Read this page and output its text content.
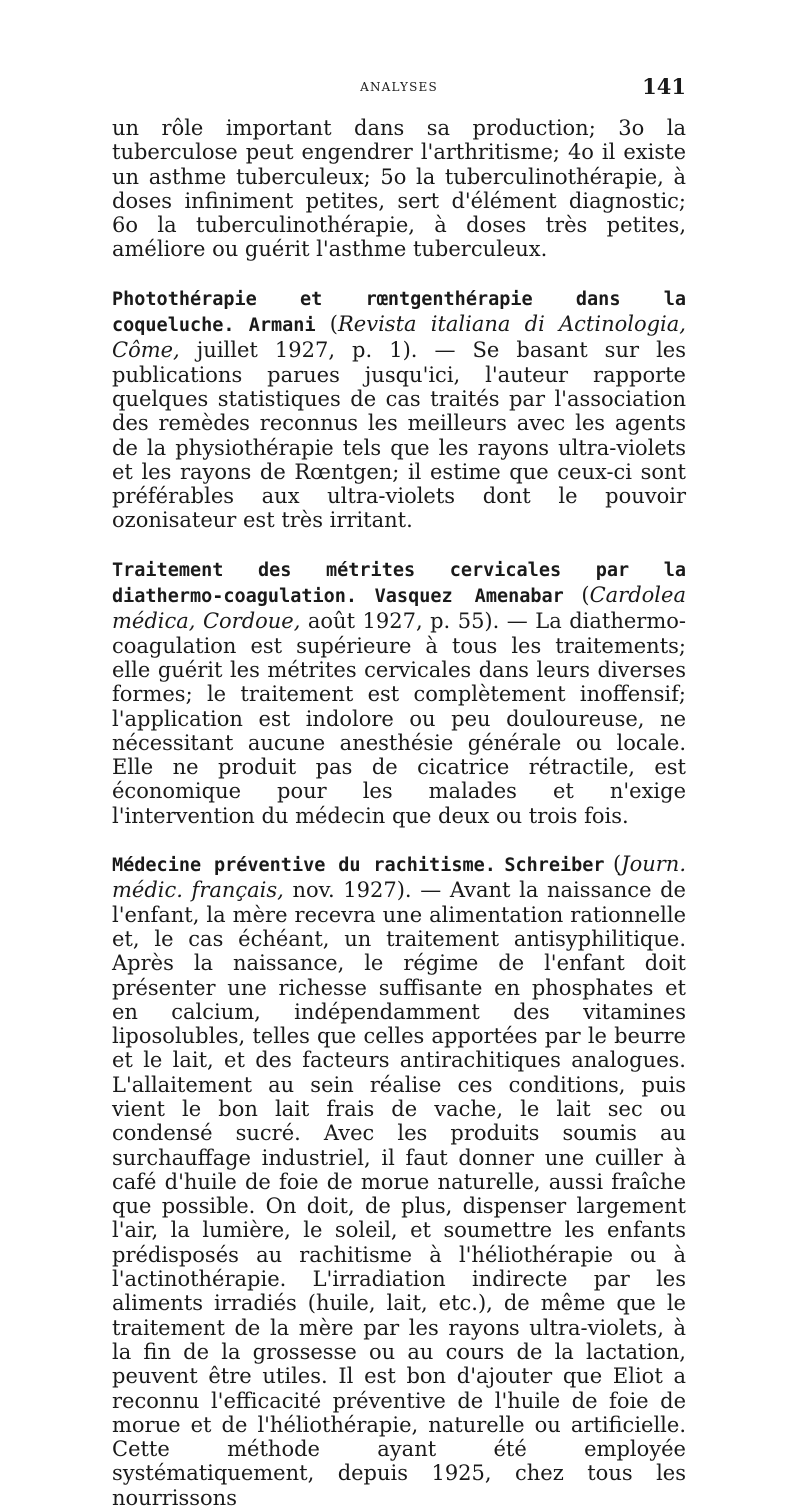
ANALYSES	141

un rôle important dans sa production; 3o la tuberculose peut engendrer l'arthritisme; 4o il existe un asthme tuberculeux; 5o la tuberculinothérapie, à doses infiniment petites, sert d'élément diagnostic; 6o la tuberculinothérapie, à doses très petites, améliore ou guérit l'asthme tuberculeux.

Photothérapie et rœntgenthérapie dans la coqueluche. Armani (Revista italiana di Actinologia, Côme, juillet 1927, p. 1). — Se basant sur les publications parues jusqu'ici, l'auteur rapporte quelques statistiques de cas traités par l'association des remèdes reconnus les meilleurs avec les agents de la physiothérapie tels que les rayons ultra-violets et les rayons de Rœntgen; il estime que ceux-ci sont préférables aux ultra-violets dont le pouvoir ozonisateur est très irritant.

Traitement des métrites cervicales par la diathermo-coagulation. Vasquez Amenabar (Cardolea médica, Cordoue, août 1927, p. 55). — La diathermo-coagulation est supérieure à tous les traitements; elle guérit les métrites cervicales dans leurs diverses formes; le traitement est complètement inoffensif; l'application est indolore ou peu douloureuse, ne nécessitant aucune anesthésie générale ou locale. Elle ne produit pas de cicatrice rétractile, est économique pour les malades et n'exige l'intervention du médecin que deux ou trois fois.

Médecine préventive du rachitisme. Schreiber (Journ. médic. français, nov. 1927). — Avant la naissance de l'enfant, la mère recevra une alimentation rationnelle et, le cas échéant, un traitement antisyphilitique. Après la naissance, le régime de l'enfant doit présenter une richesse suffisante en phosphates et en calcium, indépendamment des vitamines liposolubles, telles que celles apportées par le beurre et le lait, et des facteurs antirachitiques analogues. L'allaitement au sein réalise ces conditions, puis vient le bon lait frais de vache, le lait sec ou condensé sucré. Avec les produits soumis au surchauffage industriel, il faut donner une cuiller à café d'huile de foie de morue naturelle, aussi fraîche que possible. On doit, de plus, dispenser largement l'air, la lumière, le soleil, et soumettre les enfants prédisposés au rachitisme à l'héliothérapie ou à l'actinothérapie. L'irradiation indirecte par les aliments irradiés (huile, lait, etc.), de même que le traitement de la mère par les rayons ultra-violets, à la fin de la grossesse ou au cours de la lactation, peuvent être utiles. Il est bon d'ajouter que Eliot a reconnu l'efficacité préventive de l'huile de foie de morue et de l'héliothérapie, naturelle ou artificielle. Cette méthode ayant été employée systématiquement, depuis 1925, chez tous les nourrissons
